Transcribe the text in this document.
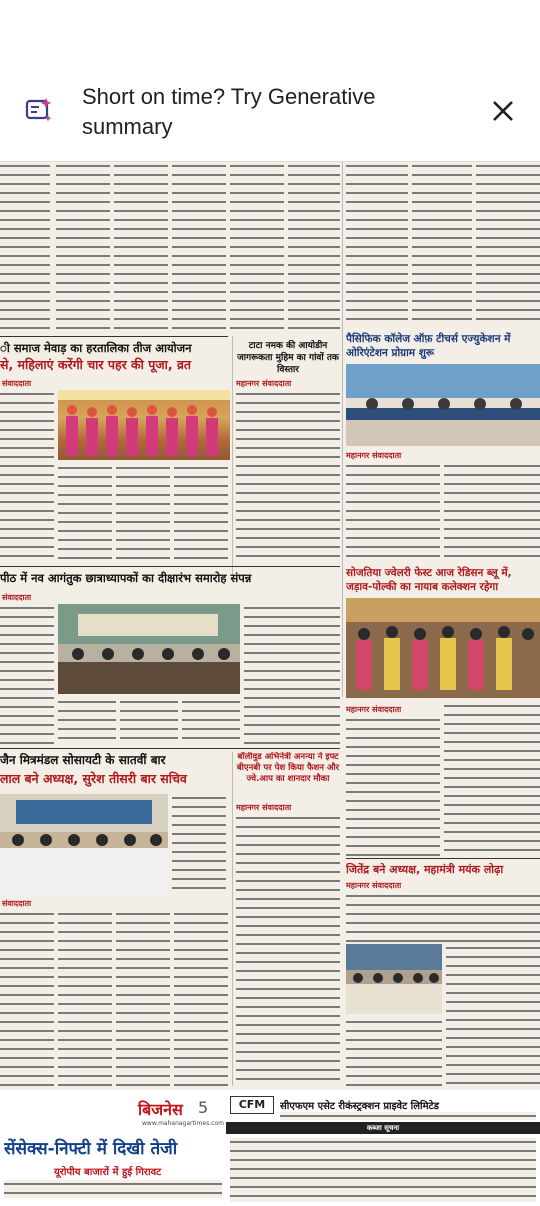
Short on time? Try Generative summary
ी समाज मेवाड़ का हरतालिका तीज आयोजन
से, महिलाएं करेंगी चार पहर की पूजा, व्रत
संवाददाता
टाटा नमक की आयोडीन जागरूकता मुहिम का गांवों तक विस्तार
महानगर संवाददाता
पैसिफिक कॉलेज ऑफ़ टीचर्स एज्युकेशन में ओरिएंटेशन प्रोग्राम शुरू
महानगर संवाददाता
पीठ में नव आगंतुक छात्राध्यापकों का दीक्षारंभ समारोह संपन्न
संवाददाता
सोजतिया ज्वेलरी फेस्ट आज रेडिसन ब्लू में, जड़ाव-पोल्की का नायाब कलेक्शन रहेगा
जैन मित्रमंडल सोसायटी के सातवीं बार
लाल बने अध्यक्ष, सुरेश तीसरी बार सचिव
संवाददाता
बॉलीवुड अभिनेत्री अनन्या ने इफ्ट बीएनबी पर पेश किया फैशन और ज्वे.आप का शानदार मौका
महानगर संवाददाता
महानगर संवाददाता
जितेंद्र बने अध्यक्ष, महामंत्री मयंक लोढ़ा
महानगर संवाददाता
बिजनेस 5
www.mahanagartimes.com
सेंसेक्स-निफ्टी में दिखी तेजी
यूरोपीय बाजारों में हुई गिरावट
CFM	सीएफएम एसेट रीकंस्ट्रक्शन प्राइवेट लिमिटेड
कब्जा सूचना
